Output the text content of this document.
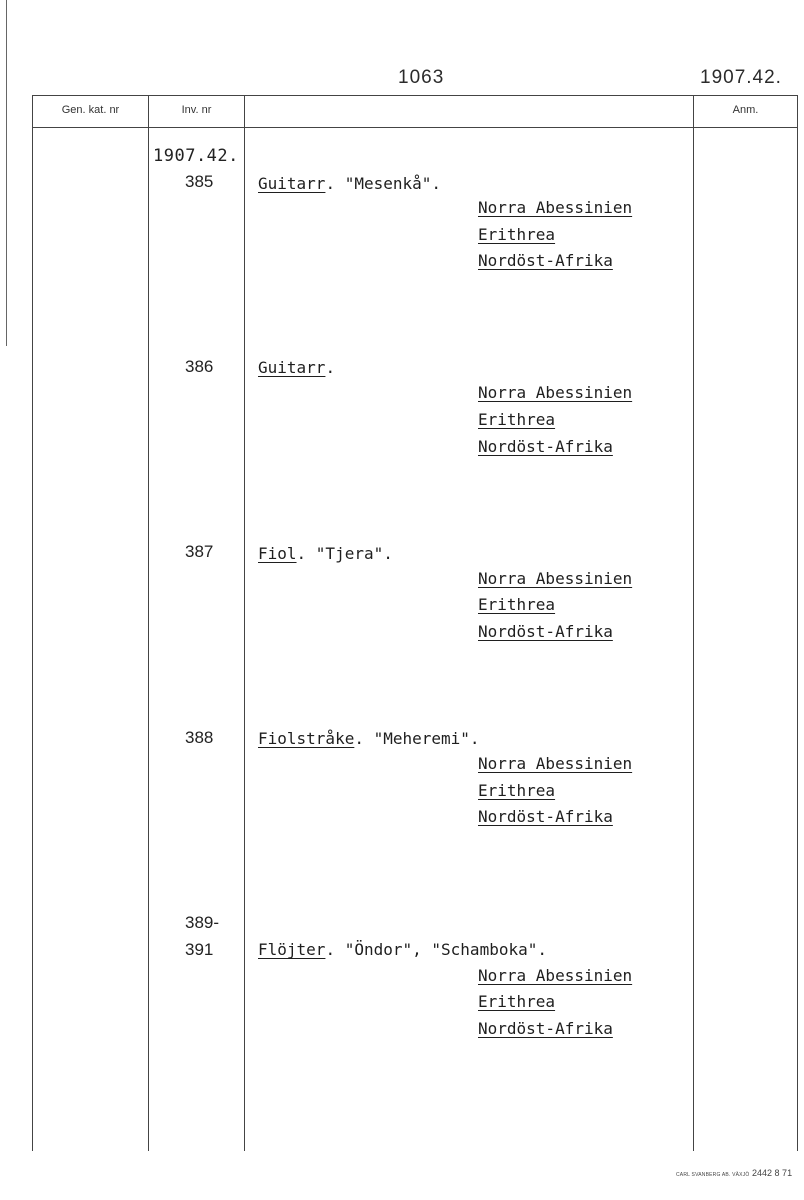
1063	1907.42.
Gen. kat. nr	Inv. nr	Anm.
1907.42.
385	Guitarr. "Mesenkå".
Norra Abessinien
Erithrea
Nordöst-Afrika
386	Guitarr.
Norra Abessinien
Erithrea
Nordöst-Afrika
387	Fiol. "Tjera".
Norra Abessinien
Erithrea
Nordöst-Afrika
388	Fiolstråke. "Meheremi".
Norra Abessinien
Erithrea
Nordöst-Afrika
389-
391	Flöjter. "Öndor", "Schamboka".
Norra Abessinien
Erithrea
Nordöst-Afrika
CARL SVANBERG AB. VÄXJÖ 2442 8 71
